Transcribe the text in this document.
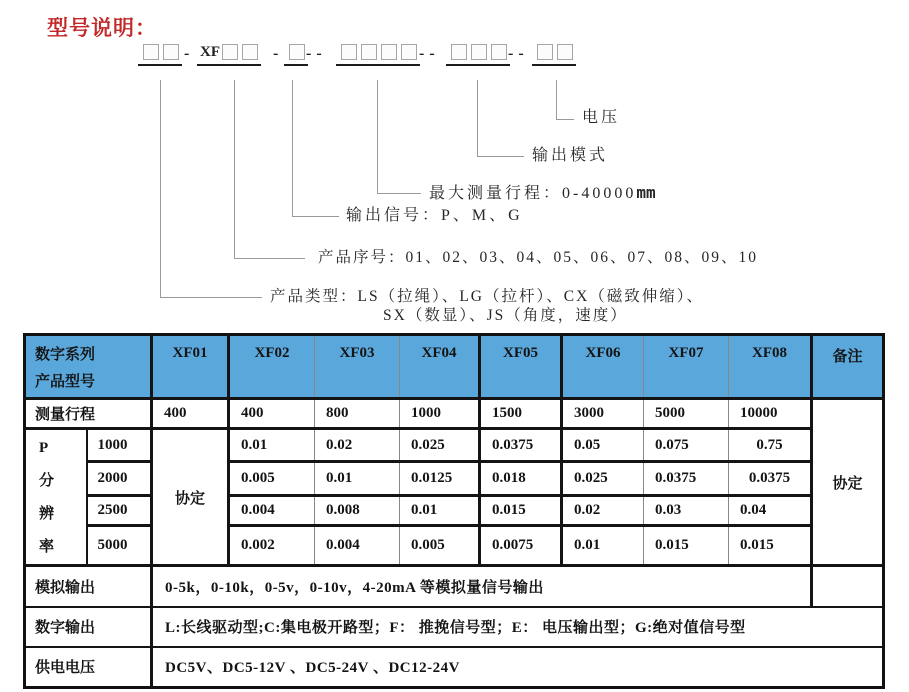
型号说明：
- XF	- --	--	--
电压
输出模式
最大测量行程：0-40000mm
输出信号：P、M、G
产品序号：01、02、03、04、05、06、07、08、09、10
产品类型：LS（拉绳）、LG（拉杆）、CX（磁致伸缩）、
SX（数显）、JS（角度，速度）
数字系列
产品型号		XF01	XF02	XF03	XF04	XF05	XF06	XF07	XF08	备注
测量行程		400	400	800	1000	1500	3000	5000	10000	协定

P
分
辨
率	1000	协定	0.01	0.02	0.025	0.0375	0.05	0.075	0.75	
	2000		0.005	0.01	0.0125	0.018	0.025	0.0375	0.0375	
	2500		0.004	0.008	0.01	0.015	0.02	0.03	0.04	
	5000		0.002	0.004	0.005	0.0075	0.01	0.015	0.015	
模拟输出		0-5k，0-10k，0-5v，0-10v，4-20mA 等模拟量信号输出								
数字输出		L:长线驱动型;C:集电极开路型；F： 推挽信号型；E： 电压输出型；G:绝对值信号型								
供电电压		DC5V、DC5-12V 、DC5-24V 、DC12-24V								
